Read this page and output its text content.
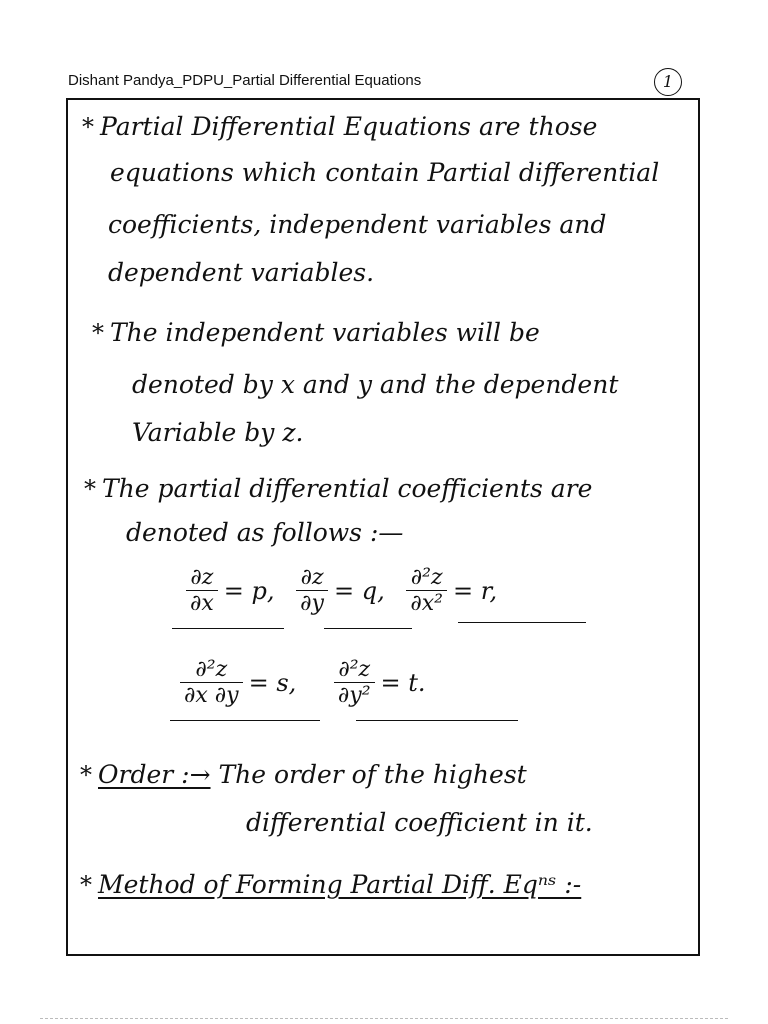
Dishant Pandya_PDPU_Partial Differential Equations	1
* Partial Differential Equations are those
equations which contain Partial differential
coefficients, independent variables and
dependent variables.
* The independent variables will be
denoted by x and y and the dependent
Variable by z.
* The partial differential coefficients are
denoted as follows :—
$\frac{\partial z}{\partial x} = p$,
$\frac{\partial z}{\partial y} = q$,
$\frac{\text{∂²z}}{\text{∂x²}} = r$,
$\frac{\text{∂²z}}{\partial x \partial y} = s$,
$\frac{\text{∂²z}}{\text{∂y²}} = t$.
* Order :→ The order of the highest
differential coefficient in it.
* Method of Forming Partial Diff. Eqⁿˢ :-
